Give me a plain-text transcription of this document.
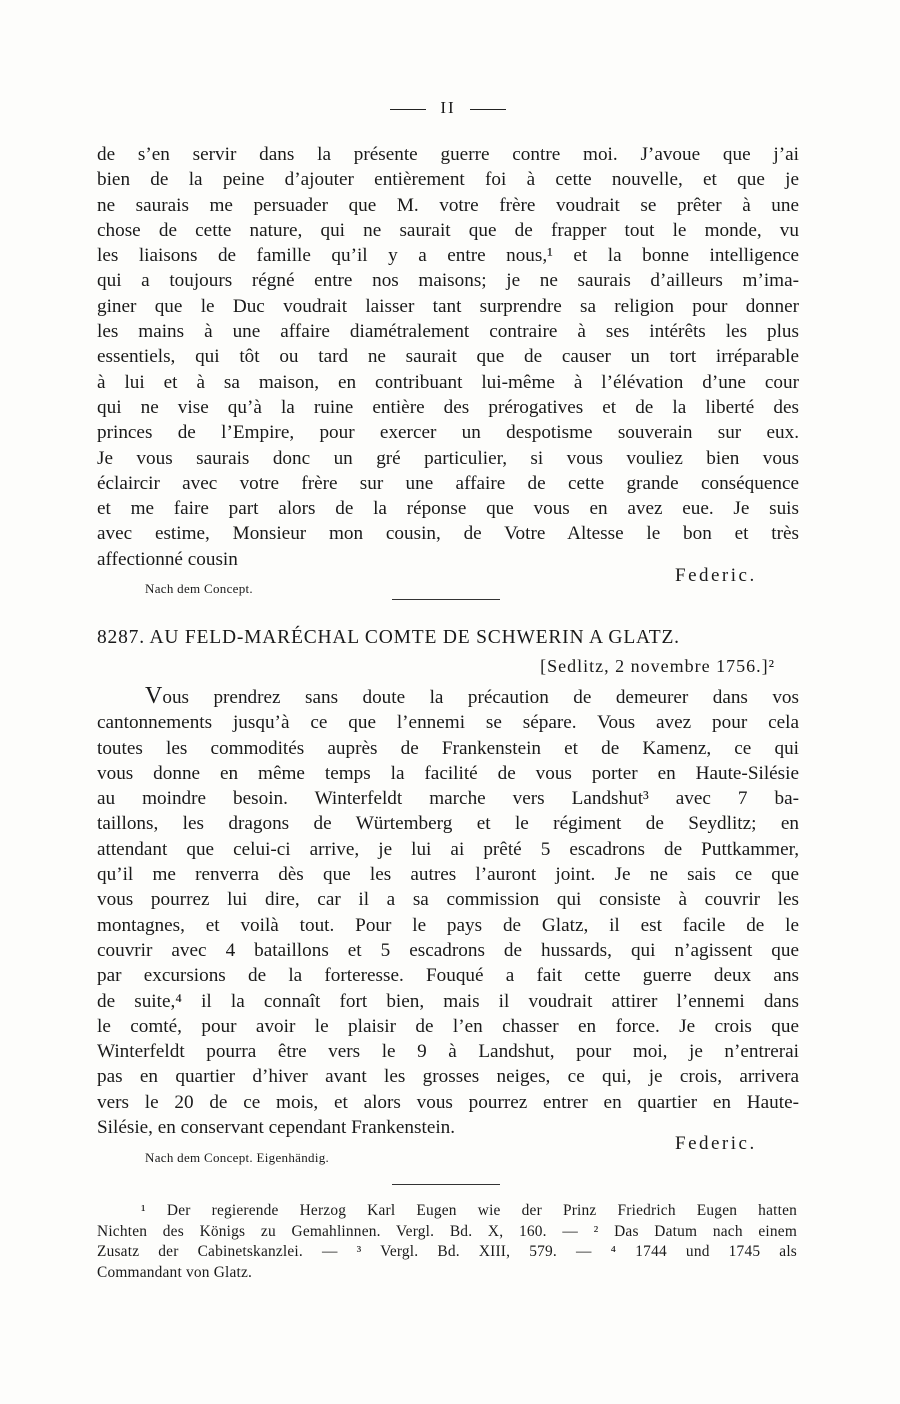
II
de s’en servir dans la présente guerre contre moi. J’avoue que j’ai
bien de la peine d’ajouter entièrement foi à cette nouvelle, et que je
ne saurais me persuader que M. votre frère voudrait se prêter à une
chose de cette nature, qui ne saurait que de frapper tout le monde, vu
les liaisons de famille qu’il y a entre nous,¹ et la bonne intelligence
qui a toujours régné entre nos maisons; je ne saurais d’ailleurs m’ima-
giner que le Duc voudrait laisser tant surprendre sa religion pour donner
les mains à une affaire diamétralement contraire à ses intérêts les plus
essentiels, qui tôt ou tard ne saurait que de causer un tort irréparable
à lui et à sa maison, en contribuant lui-même à l’élévation d’une cour
qui ne vise qu’à la ruine entière des prérogatives et de la liberté des
princes de l’Empire, pour exercer un despotisme souverain sur eux.
Je vous saurais donc un gré particulier, si vous vouliez bien vous
éclaircir avec votre frère sur une affaire de cette grande conséquence
et me faire part alors de la réponse que vous en avez eue. Je suis
avec estime, Monsieur mon cousin, de Votre Altesse le bon et très
affectionné cousin
Federic.
Nach dem Concept.
8287. AU FELD-MARÉCHAL COMTE DE SCHWERIN A GLATZ.
[Sedlitz, 2 novembre 1756.]²
Vous prendrez sans doute la précaution de demeurer dans vos
cantonnements jusqu’à ce que l’ennemi se sépare. Vous avez pour cela
toutes les commodités auprès de Frankenstein et de Kamenz, ce qui
vous donne en même temps la facilité de vous porter en Haute-Silésie
au moindre besoin. Winterfeldt marche vers Landshut³ avec 7 ba-
taillons, les dragons de Würtemberg et le régiment de Seydlitz; en
attendant que celui-ci arrive, je lui ai prêté 5 escadrons de Puttkammer,
qu’il me renverra dès que les autres l’auront joint. Je ne sais ce que
vous pourrez lui dire, car il a sa commission qui consiste à couvrir les
montagnes, et voilà tout. Pour le pays de Glatz, il est facile de le
couvrir avec 4 bataillons et 5 escadrons de hussards, qui n’agissent que
par excursions de la forteresse. Fouqué a fait cette guerre deux ans
de suite,⁴ il la connaît fort bien, mais il voudrait attirer l’ennemi dans
le comté, pour avoir le plaisir de l’en chasser en force. Je crois que
Winterfeldt pourra être vers le 9 à Landshut, pour moi, je n’entrerai
pas en quartier d’hiver avant les grosses neiges, ce qui, je crois, arrivera
vers le 20 de ce mois, et alors vous pourrez entrer en quartier en Haute-
Silésie, en conservant cependant Frankenstein.
Federic.
Nach dem Concept. Eigenhändig.
¹ Der regierende Herzog Karl Eugen wie der Prinz Friedrich Eugen hatten
Nichten des Königs zu Gemahlinnen. Vergl. Bd. X, 160. — ² Das Datum nach einem
Zusatz der Cabinetskanzlei. — ³ Vergl. Bd. XIII, 579. — ⁴ 1744 und 1745 als
Commandant von Glatz.
